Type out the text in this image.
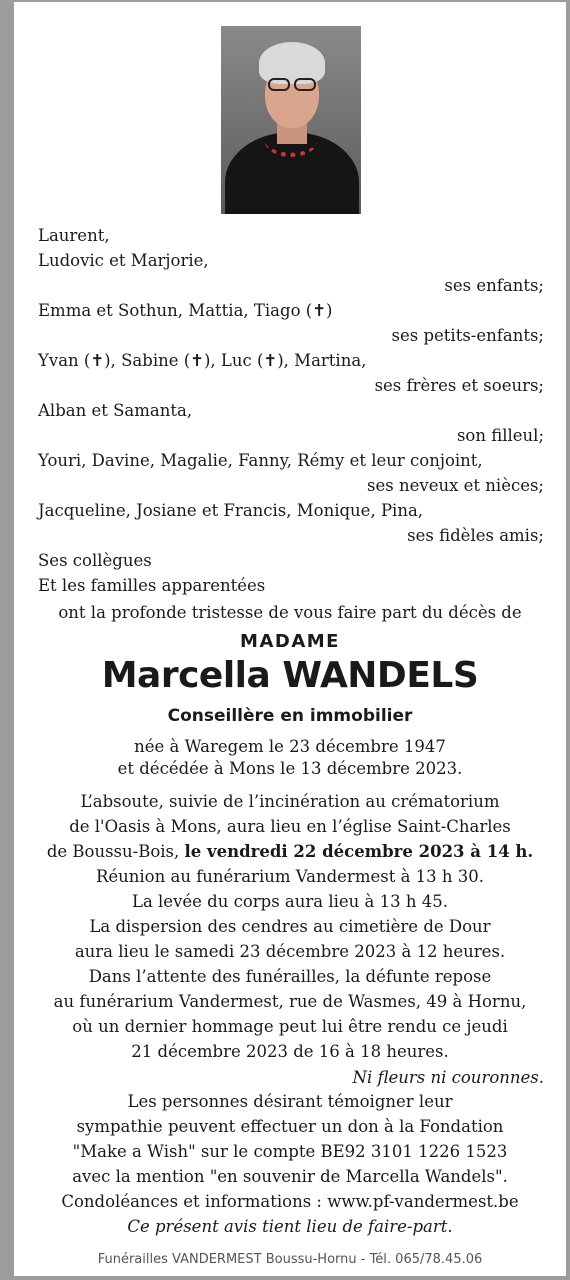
Laurent,
Ludovic et Marjorie,
ses enfants;
Emma et Sothun, Mattia, Tiago (✝)
ses petits-enfants;
Yvan (✝), Sabine (✝), Luc (✝), Martina,
ses frères et soeurs;
Alban et Samanta,
son filleul;
Youri, Davine, Magalie, Fanny, Rémy et leur conjoint,
ses neveux et nièces;
Jacqueline, Josiane et Francis, Monique, Pina,
ses fidèles amis;
Ses collègues
Et les familles apparentées
ont la profonde tristesse de vous faire part du décès de
MADAME
Marcella WANDELS
Conseillère en immobilier
née à Waregem le 23 décembre 1947
et décédée à Mons le 13 décembre 2023.
L’absoute, suivie de l’incinération au crématorium
de l'Oasis à Mons, aura lieu en l’église Saint-Charles
de Boussu-Bois, le vendredi 22 décembre 2023 à 14 h.
Réunion au funérarium Vandermest à 13 h 30.
La levée du corps aura lieu à 13 h 45.
La dispersion des cendres au cimetière de Dour
aura lieu le samedi 23 décembre 2023 à 12 heures.
Dans l’attente des funérailles, la défunte repose
au funérarium Vandermest, rue de Wasmes, 49 à Hornu,
où un dernier hommage peut lui être rendu ce jeudi
21 décembre 2023 de 16 à 18 heures.
Ni fleurs ni couronnes.
Les personnes désirant témoigner leur
sympathie peuvent effectuer un don à la Fondation
"Make a Wish" sur le compte BE92 3101 1226 1523
avec la mention "en souvenir de Marcella Wandels".
Condoléances et informations : www.pf-vandermest.be
Ce présent avis tient lieu de faire-part.
Funérailles VANDERMEST Boussu-Hornu - Tél. 065/78.45.06
